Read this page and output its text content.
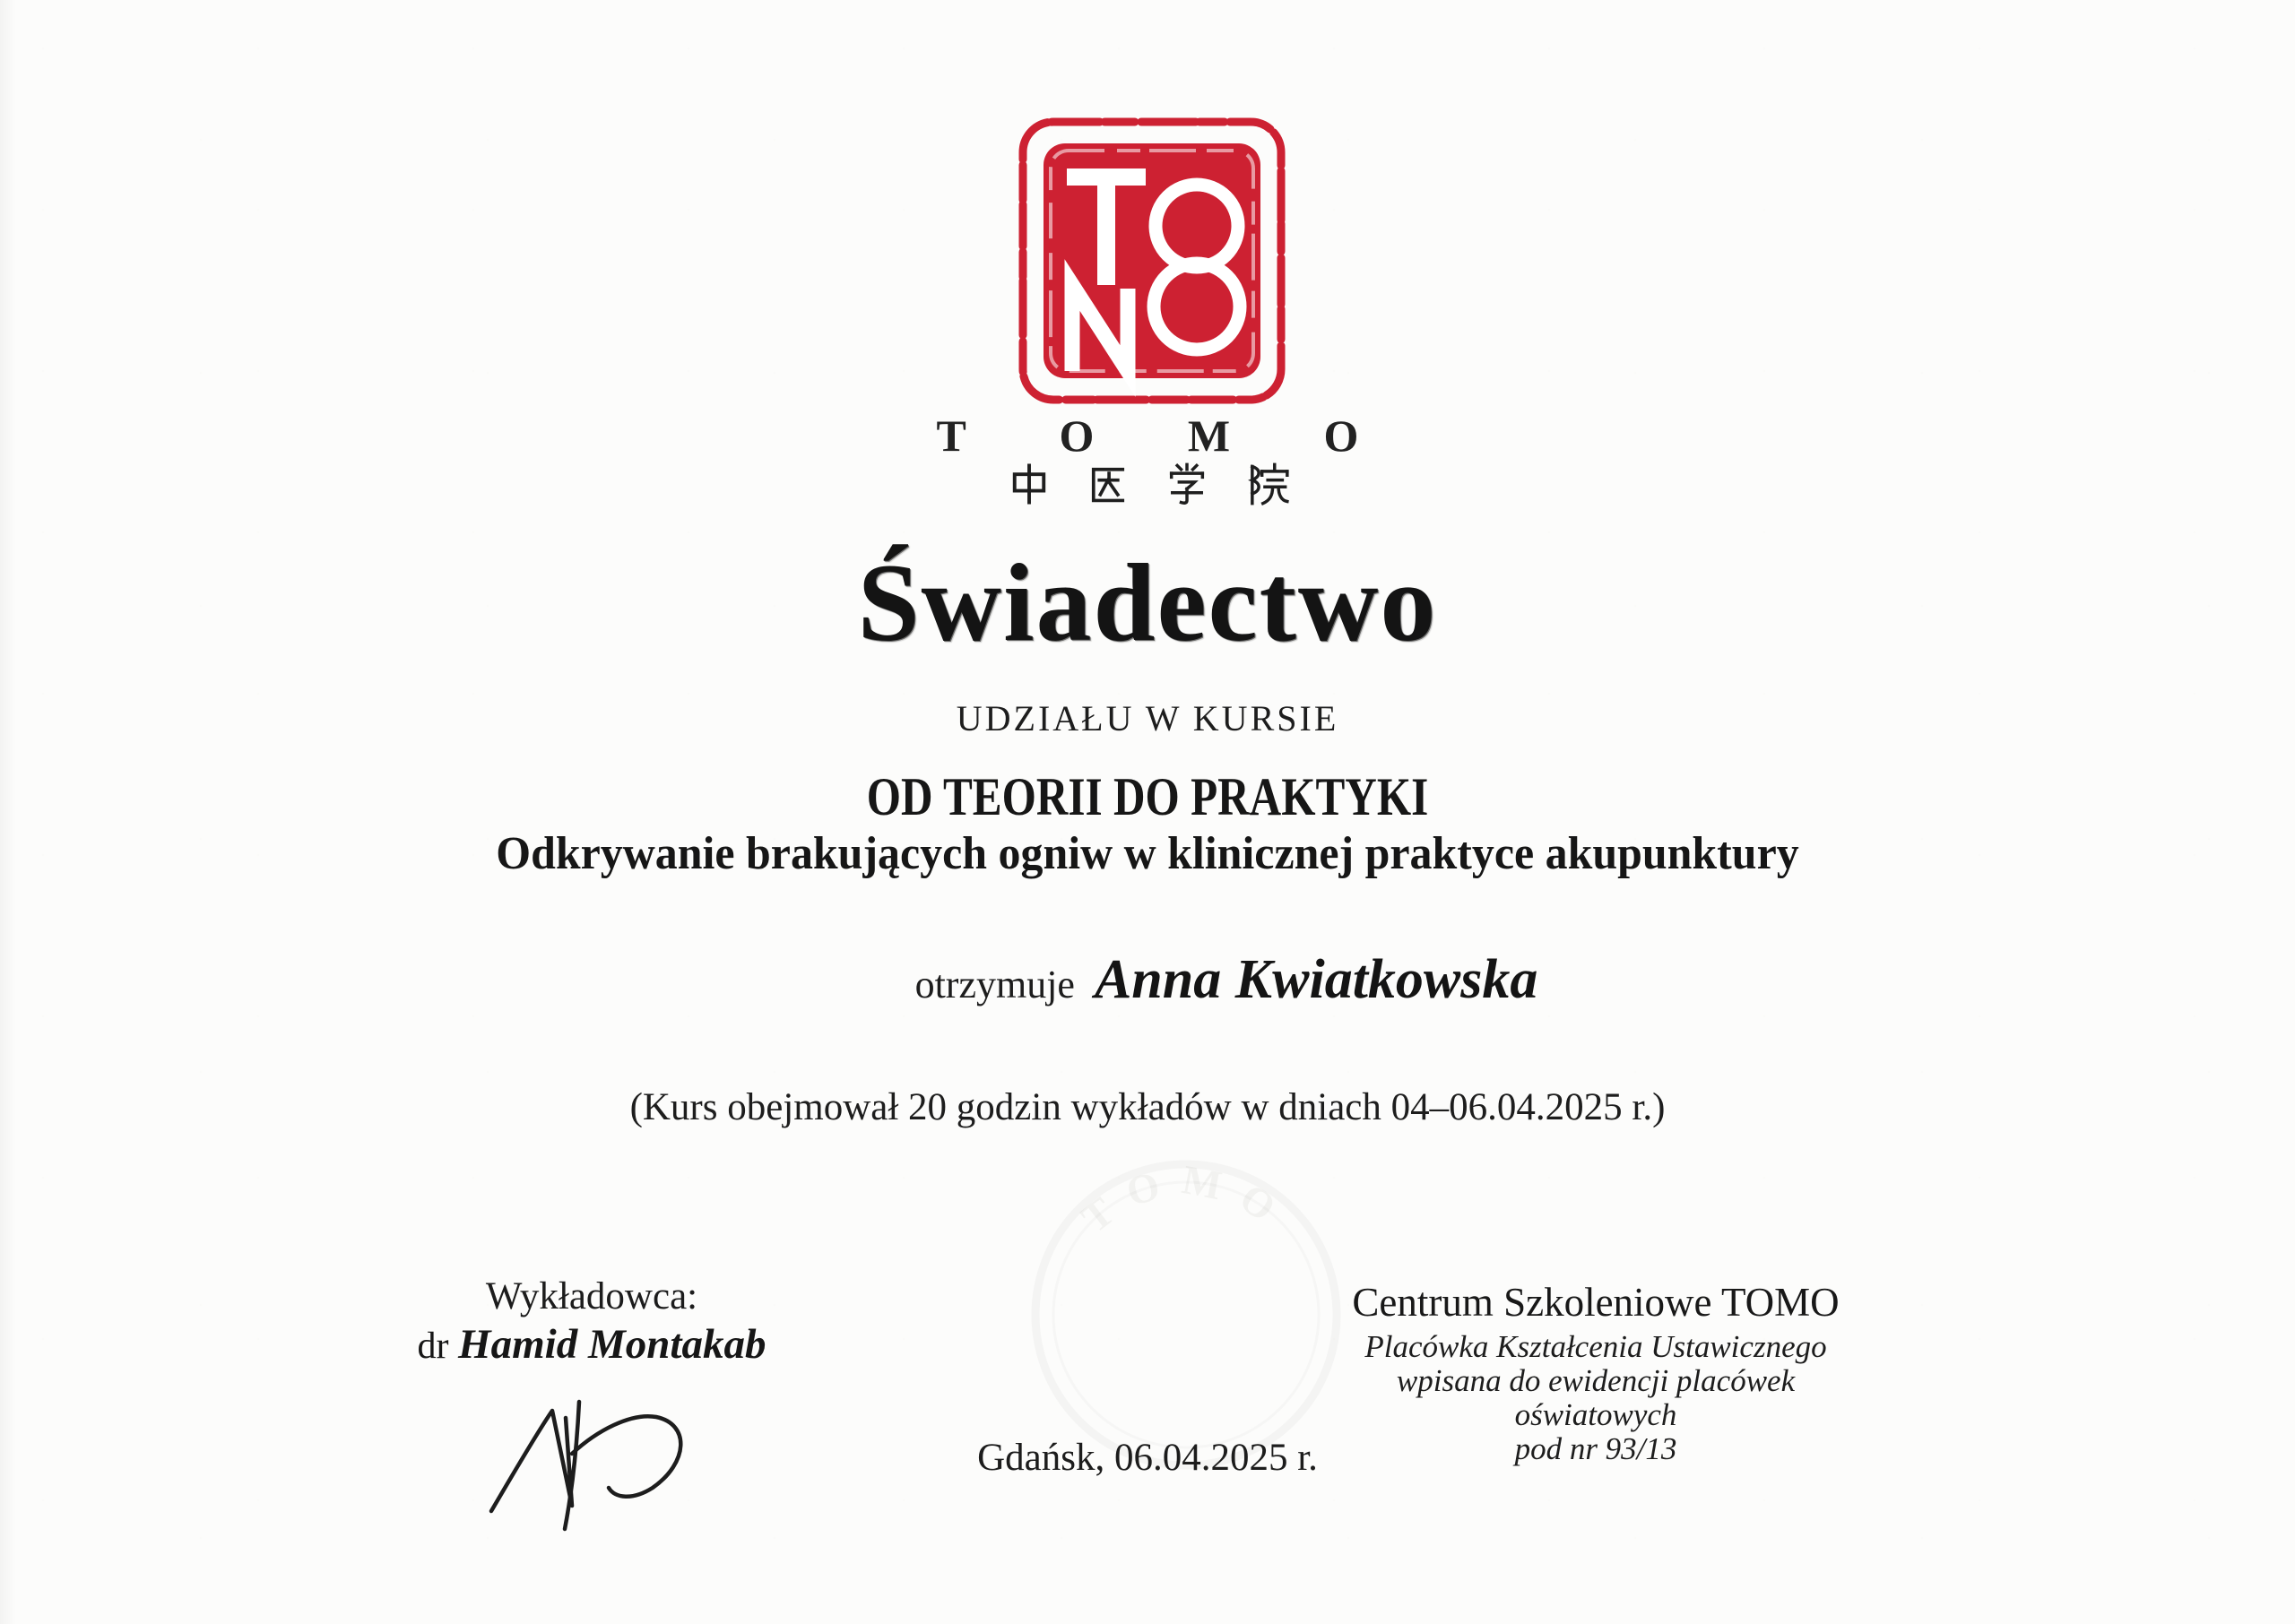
T O M O

Świadectwo
UDZIAŁU W KURSIE
OD TEORII DO PRAKTYKI
Odkrywanie brakujących ogniw w klinicznej praktyce akupunktury
otrzymuje Anna Kwiatkowska
(Kurs obejmował 20 godzin wykładów w dniach 04–06.04.2025 r.)
TOMO
Wykładowca:
dr Hamid Montakab
Centrum Szkoleniowe TOMO
Placówka Kształcenia Ustawicznego
wpisana do ewidencji placówek oświatowych
pod nr 93/13
Gdańsk, 06.04.2025 r.
